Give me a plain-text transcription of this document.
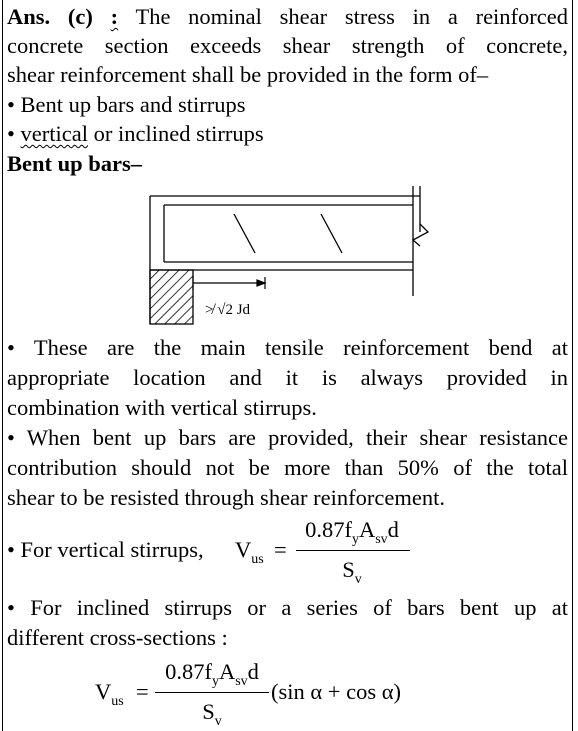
Ans. (c) : The nominal shear stress in a reinforced
concrete section exceeds shear strength of concrete,
shear reinforcement shall be provided in the form of–
• Bent up bars and stirrups
• vertical or inclined stirrups
Bent up bars–
≯ √2 Jd
• These are the main tensile reinforcement bend at
appropriate location and it is always provided in
combination with vertical stirrups.
• When bent up bars are provided, their shear resistance
contribution should not be more than 50% of the total
shear to be resisted through shear reinforcement.
• For vertical stirrups,	$V_{us}$ =
$0.87f_yA_{sv}d$
$S_v$
• For inclined stirrups or a series of bars bent up at
different cross-sections :
$V_{us}$ =
$0.87f_yA_{sv}d$
$S_v$
(sin α + cos α)
